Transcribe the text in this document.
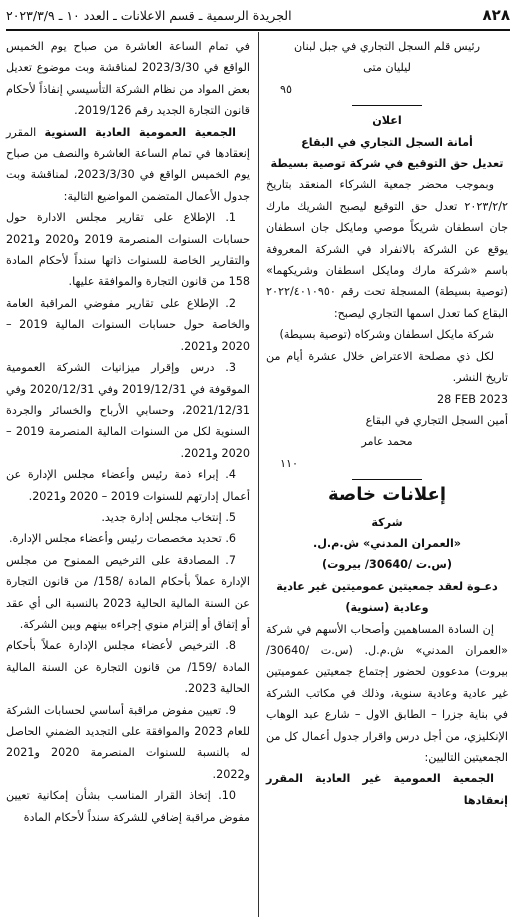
٨٢٨
الجريدة الرسمية ـ قسم الاعلانات ـ العدد ١٠ ـ ٢٠٢٣/٣/٩

رئيس قلم السجل التجاري في جبل لبنان

ليليان متى

٩٥

اعلان

أمانة السجل التجاري في البقاع

تعديل حق التوقيع في شركة توصية بسيطة

وبموجب محضر جمعية الشركاء المنعقد بتاريخ ٢٠٢٣/٢/٢ تعدل حق التوقيع ليصبح الشريك مارك جان اسطفان شريكاً موصي ومايكل جان اسطفان يوقع عن الشركة بالانفراد في الشركة المعروفة باسم «شركة مارك ومايكل اسطفان وشريكهما» (توصية بسيطة) المسجلة تحت رقم ٢٠٢٢/٤٠١٠٩٥٠ البقاع كما تعدل اسمها التجاري ليصبح:

شركة مايكل اسطفان وشركاه (توصية بسيطة)

لكل ذي مصلحة الاعتراض خلال عشرة أيام من تاريخ النشر.

28 FEB 2023

أمين السجل التجاري في البقاع

محمد عامر

١١٠

إعلانات خاصة

شركة

«العمران المدني» ش.م.ل.

(س.ت /30640/ بيروت)

دعـوة لعقد جمعيتين عموميتين غير عادية وعادية (سنوية)

إن السادة المساهمين وأصحاب الأسهم في شركة «العمران المدني» ش.م.ل. (س.ت /30640/ بيروت) مدعوون لحضور إجتماع جمعيتين عموميتين غير عادية وعادية سنوية، وذلك في مكاتب الشركة في بناية جزرا – الطابق الاول – شارع عبد الوهاب الإنكليزي، من أجل درس واقرار جدول أعمال كل من الجمعيتين التاليين:

الجمعية العمومية غير العادية المقرر إنعقادها

في تمام الساعة العاشرة من صباح يوم الخميس الواقع في 2023/3/30 لمناقشة وبت موضوع تعديل بعض المواد من نظام الشركة التأسيسي إنفاذاً لأحكام قانون التجارة الجديد رقم 2019/126.

الجمعية العمومية العادية السنوية المقرر إنعقادها في تمام الساعة العاشرة والنصف من صباح يوم الخميس الواقع في 2023/3/30، لمناقشة وبت جدول الأعمال المتضمن المواضيع التالية:

1. الإطلاع على تقارير مجلس الادارة حول حسابات السنوات المنصرمة 2019 و2020 و2021 والتقارير الخاصة للسنوات ذاتها سنداً لأحكام المادة 158 من قانون التجارة والموافقة عليها.

2. الإطلاع على تقارير مفوضي المراقبة العامة والخاصة حول حسابات السنوات المالية 2019 – 2020 و2021.

3. درس وإقرار ميزانيات الشركة العمومية الموقوفة في 2019/12/31 وفي 2020/12/31 وفي 2021/12/31، وحسابي الأرباح والخسائر والجردة السنوية لكل من السنوات المالية المنصرمة 2019 – 2020 و2021.

4. إبراء ذمة رئيس وأعضاء مجلس الإدارة عن أعمال إدارتهم للسنوات 2019 – 2020 و2021.

5. إنتخاب مجلس إدارة جديد.

6. تحديد مخصصات رئيس وأعضاء مجلس الإدارة.

7. المصادقة على الترخيص الممنوح من مجلس الإدارة عملاً بأحكام المادة /158/ من قانون التجارة عن السنة المالية الحالية 2023 بالنسبة الى أي عقد أو إتفاق أو إلتزام منوي إجراءه بينهم وبين الشركة.

8. الترخيص لأعضاء مجلس الإدارة عملاً بأحكام المادة /159/ من قانون التجارة عن السنة المالية الحالية 2023.

9. تعيين مفوض مراقبة أساسي لحسابات الشركة للعام 2023 والموافقة على التجديد الضمني الحاصل له بالنسبة للسنوات المنصرمة 2020 و2021 و2022.

10. إتخاذ القرار المناسب بشأن إمكانية تعيين مفوض مراقبة إضافي للشركة سنداً لأحكام المادة
